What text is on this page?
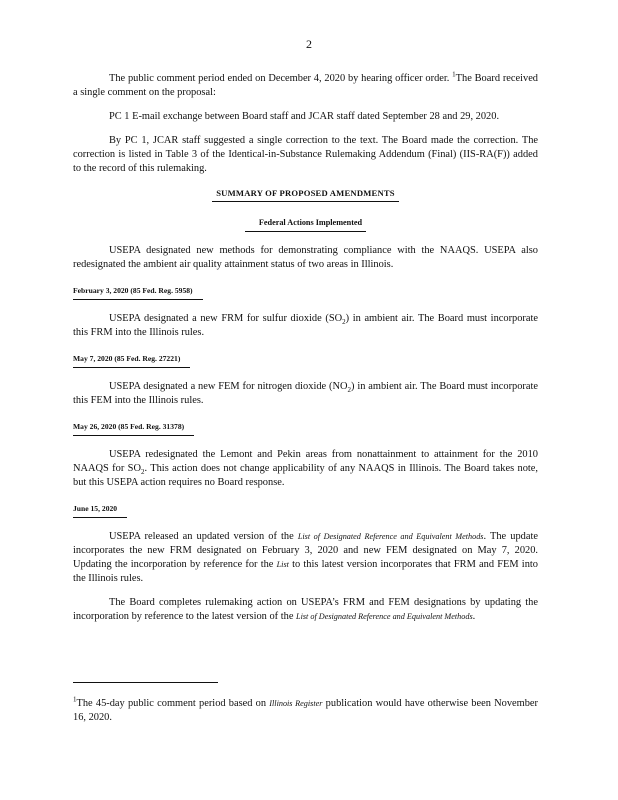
2

The public comment period ended on December 4, 2020 by hearing officer order. $^1$The Board received a single comment on the proposal:

PC 1 E-mail exchange between Board staff and JCAR staff dated September 28 and 29, 2020.

By PC 1, JCAR staff suggested a single correction to the text. The Board made the correction. The correction is listed in Table 3 of the Identical-in-Substance Rulemaking Addendum (Final) (IIS-RA(F)) added to the record of this rulemaking.

SUMMARY OF PROPOSED AMENDMENTS
Federal Actions Implemented

USEPA designated new methods for demonstrating compliance with the NAAQS. USEPA also redesignated the ambient air quality attainment status of two areas in Illinois.

February 3, 2020 (85 Fed. Reg. 5958)

USEPA designated a new FRM for sulfur dioxide $(SO_2)$ in ambient air. The Board must incorporate this FRM into the Illinois rules.

May 7, 2020 (85 Fed. Reg. 27221)

USEPA designated a new FEM for nitrogen dioxide $(NO_2)$ in ambient air. The Board must incorporate this FEM into the Illinois rules.

May 26, 2020 (85 Fed. Reg. 31378)

USEPA redesignated the Lemont and Pekin areas from nonattainment to attainment for the 2010 NAAQS for $SO_2$. This action does not change applicability of any NAAQS in Illinois. The Board takes note, but this USEPA action requires no Board response.

June 15, 2020

USEPA released an updated version of the List of Designated Reference and Equivalent Methods. The update incorporates the new FRM designated on February 3, 2020 and new FEM designated on May 7, 2020. Updating the incorporation by reference for the List to this latest version incorporates that FRM and FEM into the Illinois rules.

The Board completes rulemaking action on USEPA’s FRM and FEM designations by updating the incorporation by reference to the latest version of the List of Designated Reference and Equivalent Methods.

$^1$The 45-day public comment period based on Illinois Register publication would have otherwise been November 16, 2020.
